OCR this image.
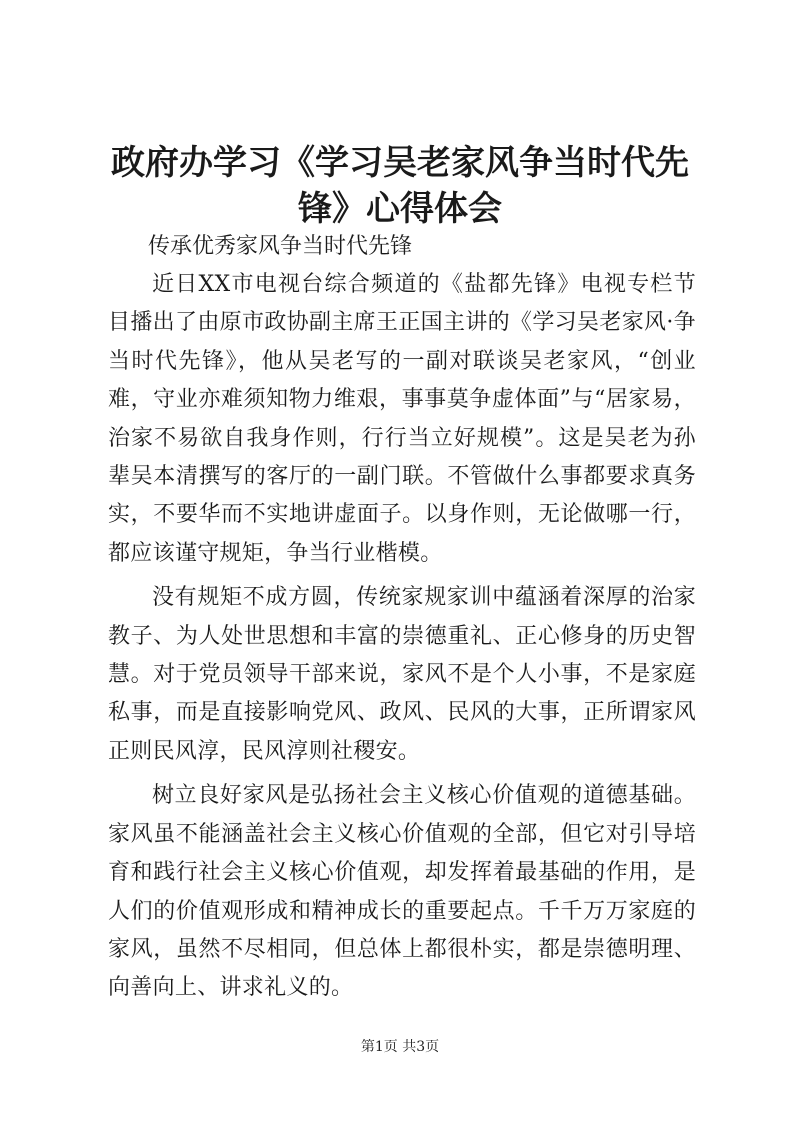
政府办学习《学习吴老家风争当时代先锋》心得体会

传承优秀家风争当时代先锋

近日XX市电视台综合频道的《盐都先锋》电视专栏节目播出了由原市政协副主席王正国主讲的《学习吴老家风·争当时代先锋》，他从吴老写的一副对联谈吴老家风，“创业难，守业亦难须知物力维艰，事事莫争虚体面”与“居家易，治家不易欲自我身作则，行行当立好规模”。这是吴老为孙辈吴本清撰写的客厅的一副门联。不管做什么事都要求真务实，不要华而不实地讲虚面子。以身作则，无论做哪一行，都应该谨守规矩，争当行业楷模。

没有规矩不成方圆，传统家规家训中蕴涵着深厚的治家教子、为人处世思想和丰富的崇德重礼、正心修身的历史智慧。对于党员领导干部来说，家风不是个人小事，不是家庭私事，而是直接影响党风、政风、民风的大事，正所谓家风正则民风淳，民风淳则社稷安。

树立良好家风是弘扬社会主义核心价值观的道德基础。家风虽不能涵盖社会主义核心价值观的全部，但它对引导培育和践行社会主义核心价值观，却发挥着最基础的作用，是人们的价值观形成和精神成长的重要起点。千千万万家庭的家风，虽然不尽相同，但总体上都很朴实，都是崇德明理、向善向上、讲求礼义的。

第1页 共3页
